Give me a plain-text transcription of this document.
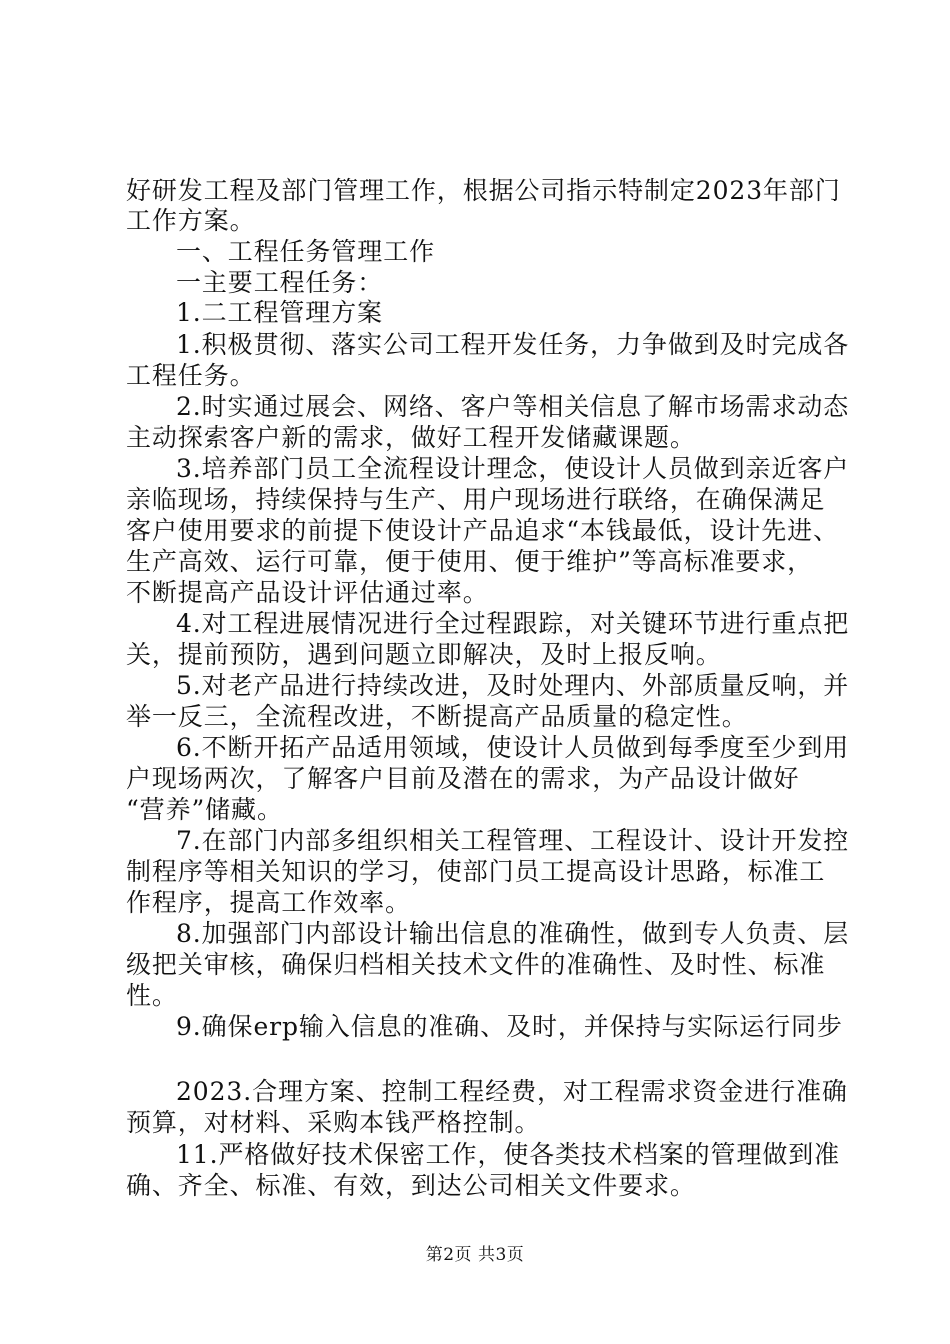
好研发工程及部门管理工作，根据公司指示特制定2023年部门
工作方案。
一、工程任务管理工作
一主要工程任务：
1.二工程管理方案
1.积极贯彻、落实公司工程开发任务，力争做到及时完成各
工程任务。
2.时实通过展会、网络、客户等相关信息了解市场需求动态
主动探索客户新的需求，做好工程开发储藏课题。
3.培养部门员工全流程设计理念，使设计人员做到亲近客户
亲临现场，持续保持与生产、用户现场进行联络，在确保满足
客户使用要求的前提下使设计产品追求“本钱最低，设计先进、
生产高效、运行可靠，便于使用、便于维护”等高标准要求，
不断提高产品设计评估通过率。
4.对工程进展情况进行全过程跟踪，对关键环节进行重点把
关，提前预防，遇到问题立即解决，及时上报反响。
5.对老产品进行持续改进，及时处理内、外部质量反响，并
举一反三，全流程改进，不断提高产品质量的稳定性。
6.不断开拓产品适用领域，使设计人员做到每季度至少到用
户现场两次，了解客户目前及潜在的需求，为产品设计做好
“营养”储藏。
7.在部门内部多组织相关工程管理、工程设计、设计开发控
制程序等相关知识的学习，使部门员工提高设计思路，标准工
作程序，提高工作效率。
8.加强部门内部设计输出信息的准确性，做到专人负责、层
级把关审核，确保归档相关技术文件的准确性、及时性、标准
性。
9.确保erp输入信息的准确、及时，并保持与实际运行同步
2023.合理方案、控制工程经费，对工程需求资金进行准确
预算，对材料、采购本钱严格控制。
11.严格做好技术保密工作，使各类技术档案的管理做到准
确、齐全、标准、有效，到达公司相关文件要求。
第2页 共3页
